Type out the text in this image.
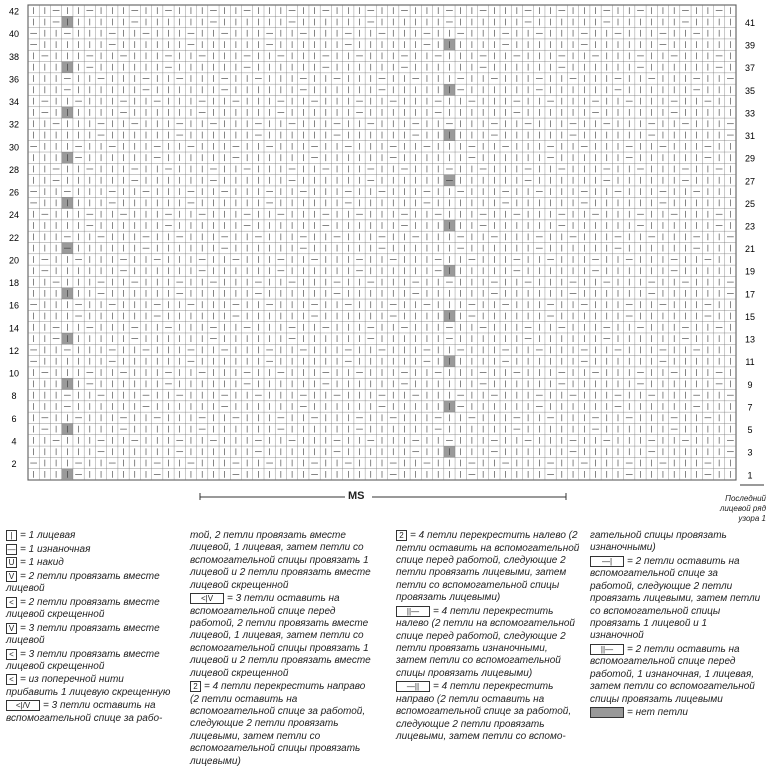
42
40
38
36
34
32
30
28
26
24
22
20
18
16
14
12
10
8
6
4
2
41
39
37
35
33
31
29
27
25
23
21
19
17
15
13
11
9
7
5
3
1
MS	Последний лицевой ряд узора 1
| = 1 лицевая
— = 1 изнаночная
U = 1 накид
V = 2 петли провязать вместе лицевой
< = 2 петли провязать вместе лицевой скрещенной
V = 3 петли провязать вместе лицевой
< = 3 петли провязать вместе лицевой скрещенной
< = из поперечной нити прибавить 1 лицевую скрещенную
<|/V = 3 петли оставить на вспомогательной спице за рабо-
той, 2 петли провязать вместе лицевой, 1 лицевая, затем петли со вспомогательной спицы провязать 1 лицевой и 2 петли провязать вместе лицевой скрещенной
<|V = 3 петли оставить на вспомогательной спице перед работой, 2 петли провязать вместе лицевой, 1 лицевая, затем петли со вспомогательной спицы провязать 1 лицевой и 2 петли провязать вместе лицевой скрещенной
2 = 4 петли перекрестить направо (2 петли оставить на вспомогательной спице за работой, следующие 2 петли провязать лицевыми, затем петли со вспомогательной спицы провязать лицевыми)
2 = 4 петли перекрестить налево (2 петли оставить на вспомогательной спице перед работой, следующие 2 петли провязать лицевыми, затем петли со вспомогательной спицы провязать лицевыми)
||— = 4 петли перекрестить налево (2 петли на вспомогательной спице перед работой, следующие 2 петли провязать изнаночными, затем петли со вспомогательной спицы провязать лицевыми)
—|| = 4 петли перекрестить направо (2 петли оставить на вспомогательной спице за работой, следующие 2 петли провязать лицевыми, затем петли со вспомо-
гательной спицы провязать изнаночными)
—| = 2 петли оставить на вспомогательной спице за работой, следующие 2 петли провязать лицевыми, затем петли со вспомогательной спицы провязать 1 лицевой и 1 изнаночной
||— = 2 петли оставить на вспомогательной спице перед работой, 1 изнаночная, 1 лицевая, затем петли со вспомогательной спицы провязать лицевыми
= нет петли
